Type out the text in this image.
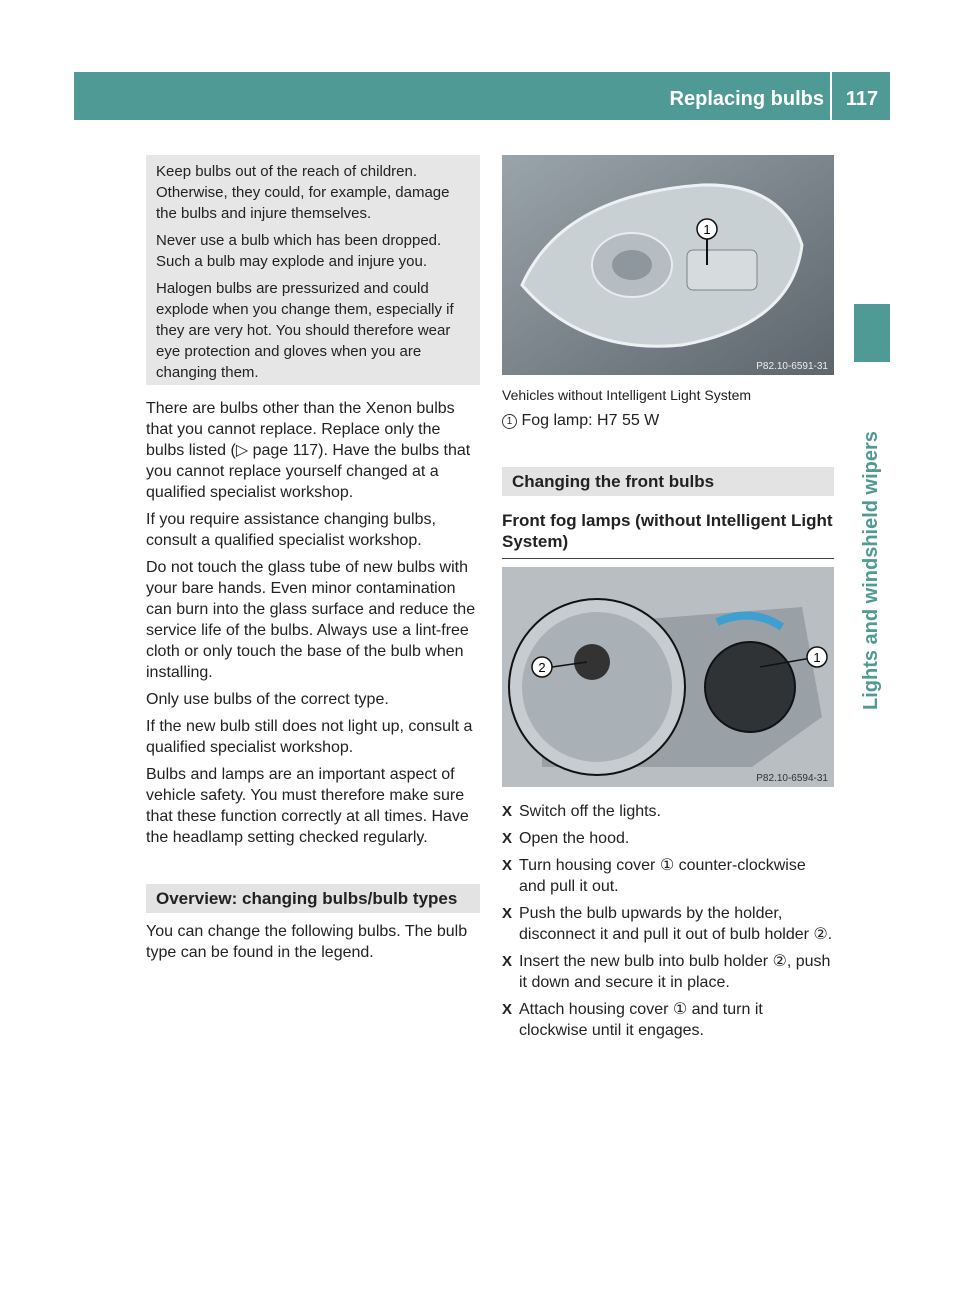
Replacing bulbs	117
Lights and windshield wipers

Keep bulbs out of the reach of children. Otherwise, they could, for example, damage the bulbs and injure themselves.

Never use a bulb which has been dropped. Such a bulb may explode and injure you.

Halogen bulbs are pressurized and could explode when you change them, especially if they are very hot. You should therefore wear eye protection and gloves when you are changing them.

There are bulbs other than the Xenon bulbs that you cannot replace. Replace only the bulbs listed (▷ page 117). Have the bulbs that you cannot replace yourself changed at a qualified specialist workshop.

If you require assistance changing bulbs, consult a qualified specialist workshop.

Do not touch the glass tube of new bulbs with your bare hands. Even minor contamination can burn into the glass surface and reduce the service life of the bulbs. Always use a lint-free cloth or only touch the base of the bulb when installing.

Only use bulbs of the correct type.

If the new bulb still does not light up, consult a qualified specialist workshop.

Bulbs and lamps are an important aspect of vehicle safety. You must therefore make sure that these function correctly at all times. Have the headlamp setting checked regularly.

Overview: changing bulbs/bulb types

You can change the following bulbs. The bulb type can be found in the legend.

1
P82.10-6591-31
Vehicles without Intelligent Light System
1 Fog lamp: H7 55 W
Changing the front bulbs
Front fog lamps (without Intelligent Light System)
1
2
P82.10-6594-31
X Switch off the lights.
X Open the hood.
X Turn housing cover ① counter-clockwise and pull it out.
X Push the bulb upwards by the holder, disconnect it and pull it out of bulb holder ②.
X Insert the new bulb into bulb holder ②, push it down and secure it in place.
X Attach housing cover ① and turn it clockwise until it engages.
